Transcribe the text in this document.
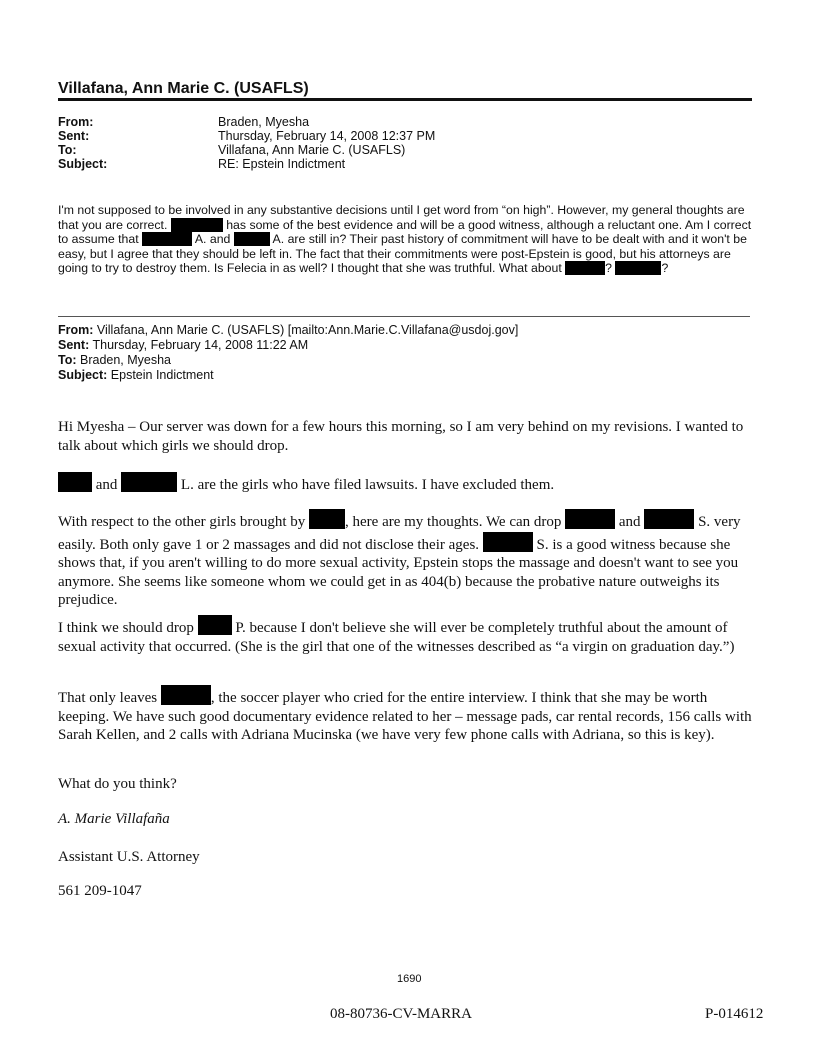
Villafana, Ann Marie C. (USAFLS)
From:	Braden, Myesha
Sent:	Thursday, February 14, 2008 12:37 PM
To:	Villafana, Ann Marie C. (USAFLS)
Subject:	RE: Epstein Indictment
I'm not supposed to be involved in any substantive decisions until I get word from “on high”. However, my general thoughts are that you are correct.	has some of the best evidence and will be a good witness, although a reluctant one. Am I correct to assume that	A. and	A. are still in? Their past history of commitment will have to be dealt with and it won't be easy, but I agree that they should be left in. The fact that their commitments were post-Epstein is good, but his attorneys are going to try to destroy them. Is Felecia in as well? I thought that she was truthful. What about	?	?
From: Villafana, Ann Marie C. (USAFLS) [mailto:Ann.Marie.C.Villafana@usdoj.gov]
Sent: Thursday, February 14, 2008 11:22 AM
To: Braden, Myesha
Subject: Epstein Indictment
Hi Myesha – Our server was down for a few hours this morning, so I am very behind on my revisions. I wanted to talk about which girls we should drop.
and	L. are the girls who have filed lawsuits. I have excluded them.
With respect to the other girls brought by , here are my thoughts. We can drop	and	S. very easily. Both only gave 1 or 2 massages and did not disclose their ages.	S. is a good witness because she shows that, if you aren't willing to do more sexual activity, Epstein stops the massage and doesn't want to see you anymore. She seems like someone whom we could get in as 404(b) because the probative nature outweighs its prejudice.
I think we should drop  P. because I don't believe she will ever be completely truthful about the amount of sexual activity that occurred. (She is the girl that one of the witnesses described as “a virgin on graduation day.”)
That only leaves	, the soccer player who cried for the entire interview. I think that she may be worth keeping. We have such good documentary evidence related to her – message pads, car rental records, 156 calls with Sarah Kellen, and 2 calls with Adriana Mucinska (we have very few phone calls with Adriana, so this is key).
What do you think?
A. Marie Villafaña
Assistant U.S. Attorney
561 209-1047
1690
08-80736-CV-MARRA	P-014612
